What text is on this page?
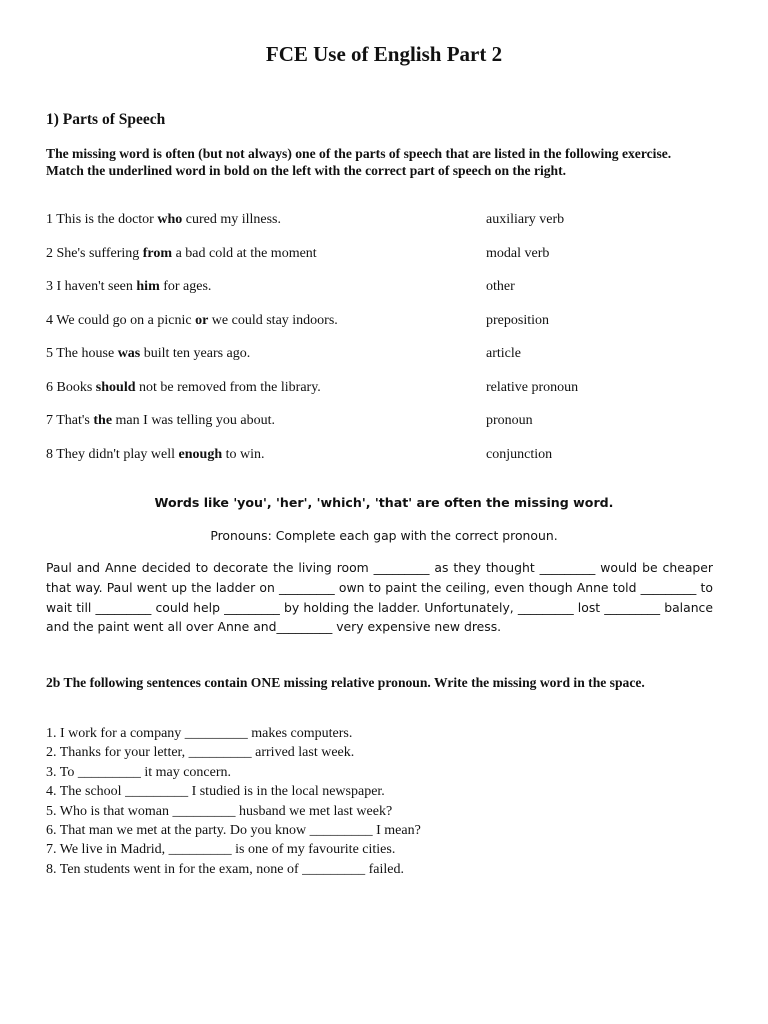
FCE Use of English Part 2
1) Parts of Speech

The missing word is often (but not always) one of the parts of speech that are listed in the following exercise.

Match the underlined word in bold on the left with the correct part of speech on the right.

1 This is the doctor who cured my illness.	auxiliary verb
2 She's suffering from a bad cold at the moment	modal verb
3 I haven't seen him for ages.	other
4 We could go on a picnic or we could stay indoors.	preposition
5 The house was built ten years ago.	article
6 Books should not be removed from the library.	relative pronoun
7 That's the man I was telling you about.	pronoun
8 They didn't play well enough to win.	conjunction
Words like 'you', 'her', 'which', 'that' are often the missing word.
Pronouns: Complete each gap with the correct pronoun.
Paul and Anne decided to decorate the living room _________ as they thought _________ would be cheaper that way. Paul went up the ladder on _________ own to paint the ceiling, even though Anne told _________ to wait till _________ could help _________ by holding the ladder. Unfortunately, _________ lost _________ balance and the paint went all over Anne and_________ very expensive new dress.
2b The following sentences contain ONE missing relative pronoun. Write the missing word in the space.
1. I work for a company _________ makes computers.
2. Thanks for your letter, _________ arrived last week.
3. To _________ it may concern.
4. The school _________ I studied is in the local newspaper.
5. Who is that woman _________ husband we met last week?
6. That man we met at the party. Do you know _________ I mean?
7. We live in Madrid, _________ is one of my favourite cities.
8. Ten students went in for the exam, none of _________ failed.
